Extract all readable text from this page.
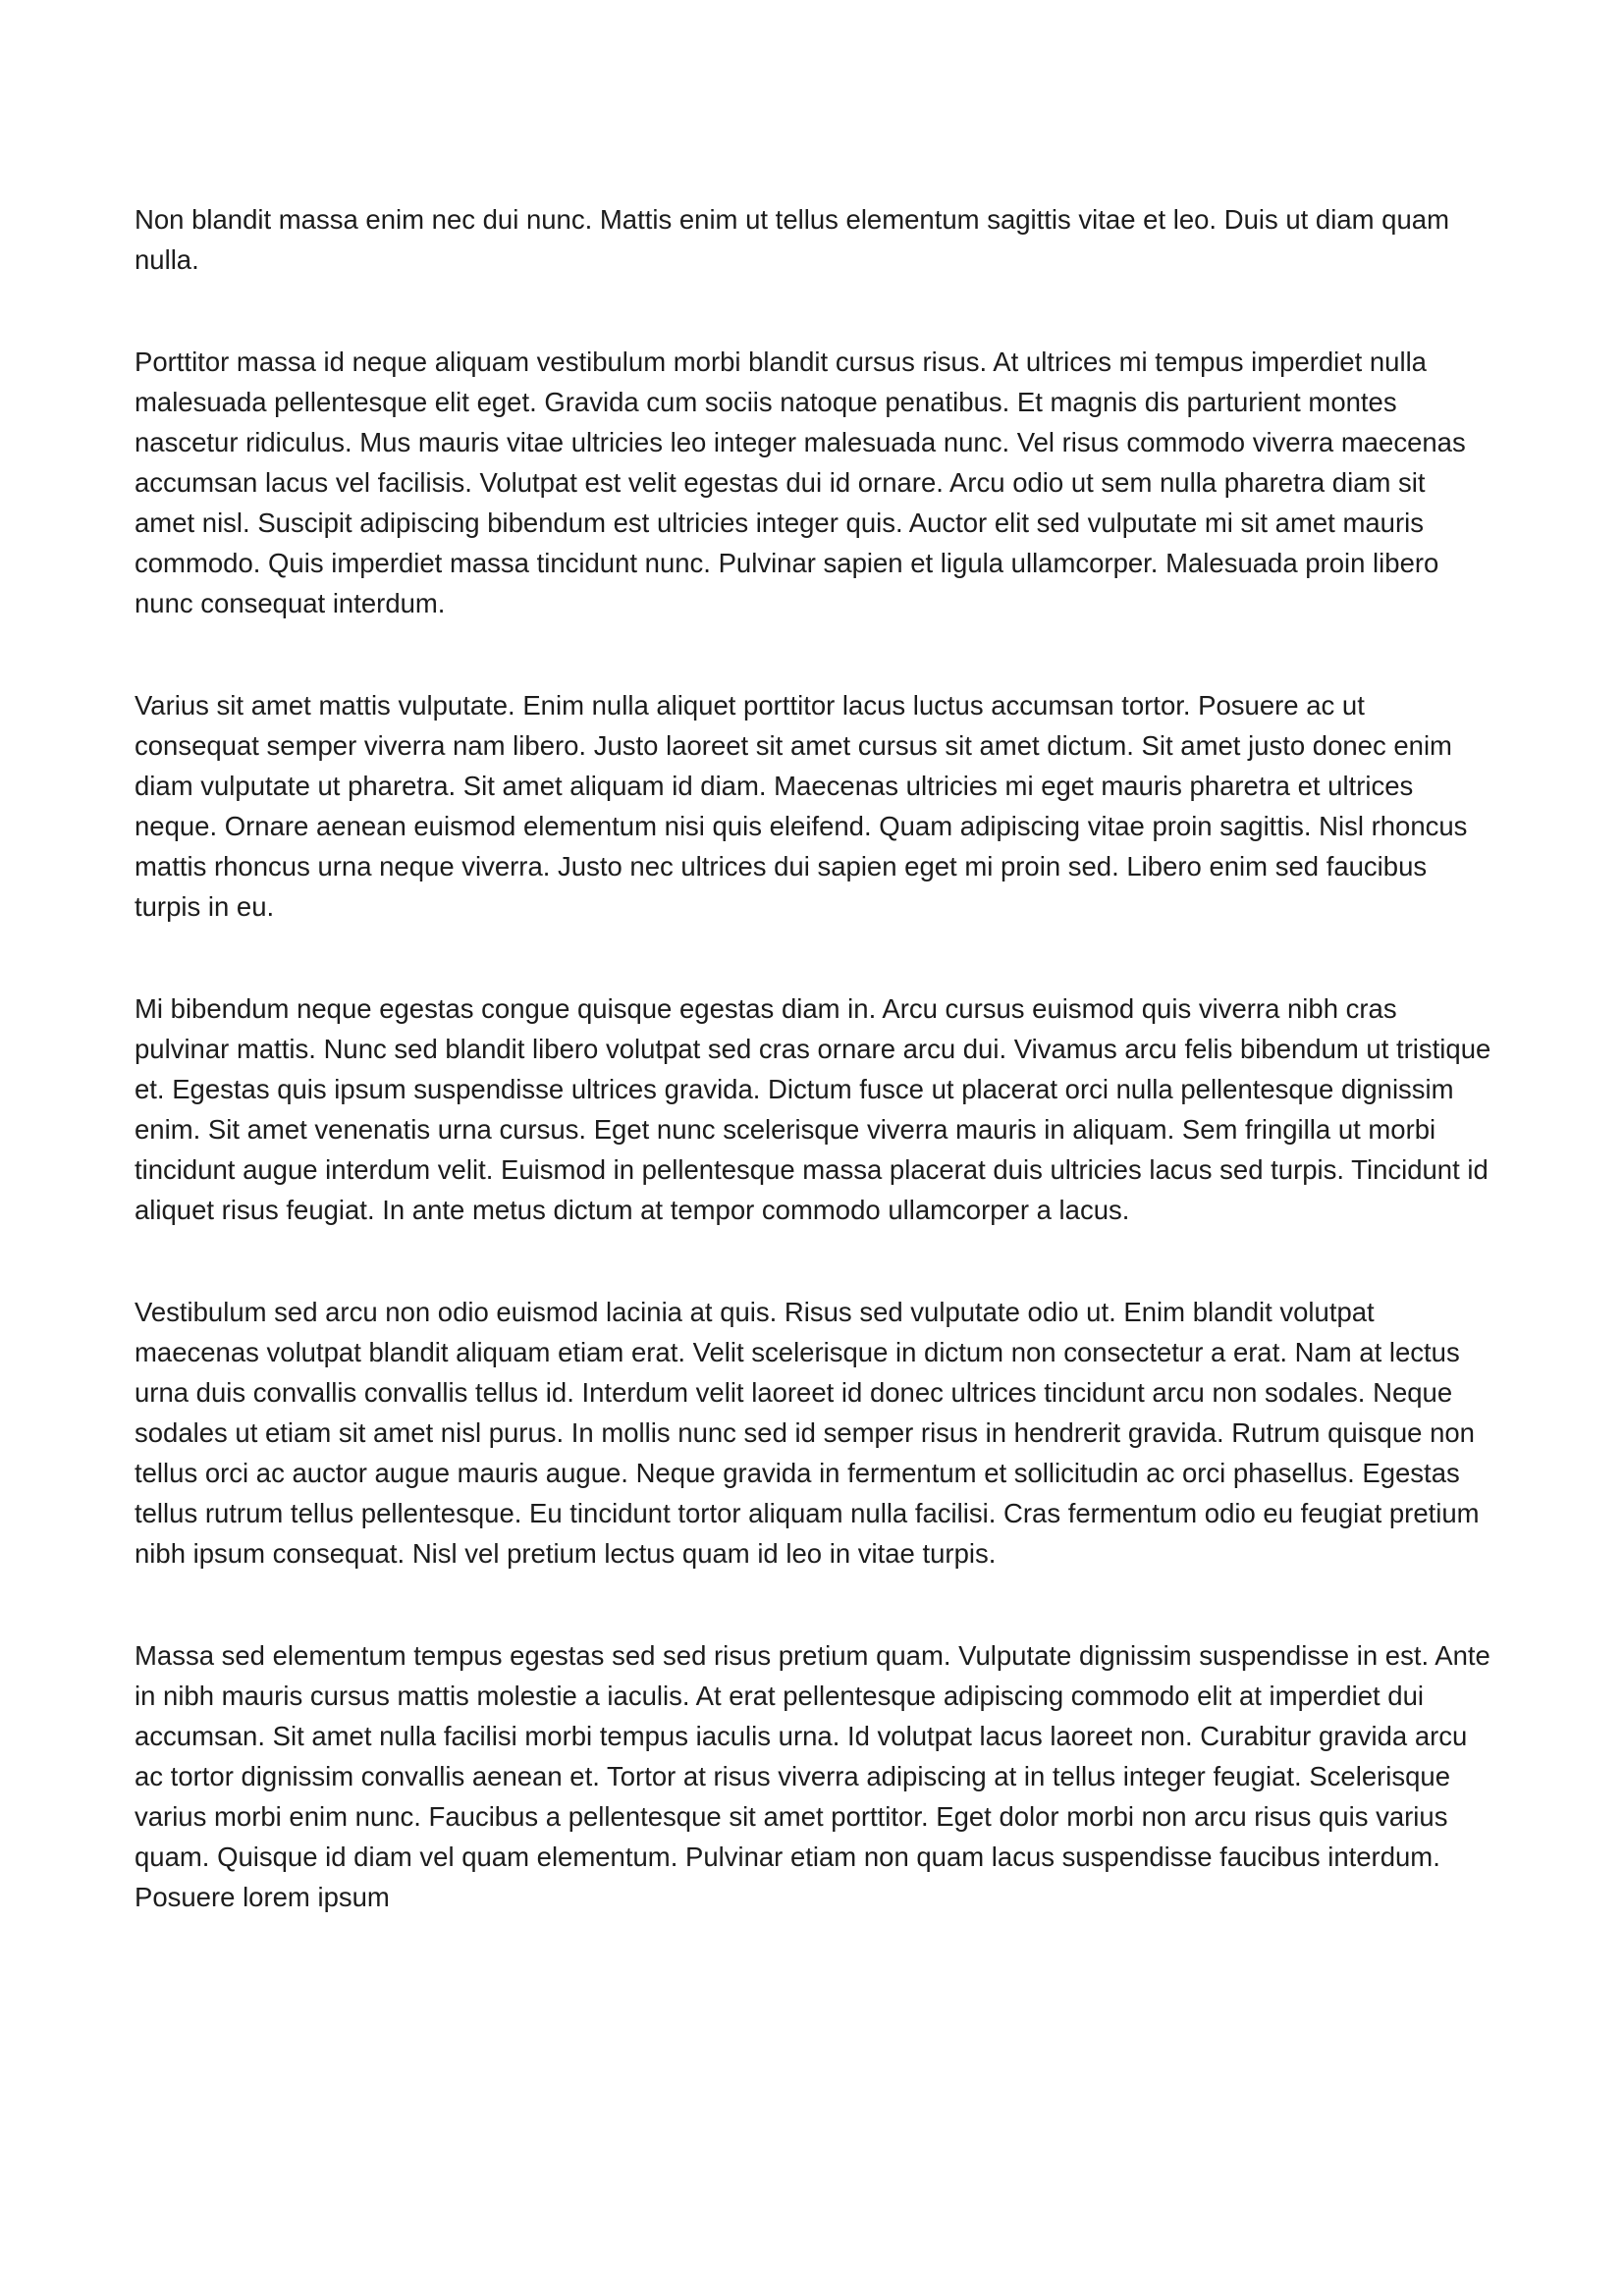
Non blandit massa enim nec dui nunc. Mattis enim ut tellus elementum sagittis vitae et leo. Duis ut diam quam nulla.

Porttitor massa id neque aliquam vestibulum morbi blandit cursus risus. At ultrices mi tempus imperdiet nulla malesuada pellentesque elit eget. Gravida cum sociis natoque penatibus. Et magnis dis parturient montes nascetur ridiculus. Mus mauris vitae ultricies leo integer malesuada nunc. Vel risus commodo viverra maecenas accumsan lacus vel facilisis. Volutpat est velit egestas dui id ornare. Arcu odio ut sem nulla pharetra diam sit amet nisl. Suscipit adipiscing bibendum est ultricies integer quis. Auctor elit sed vulputate mi sit amet mauris commodo. Quis imperdiet massa tincidunt nunc. Pulvinar sapien et ligula ullamcorper. Malesuada proin libero nunc consequat interdum.

Varius sit amet mattis vulputate. Enim nulla aliquet porttitor lacus luctus accumsan tortor. Posuere ac ut consequat semper viverra nam libero. Justo laoreet sit amet cursus sit amet dictum. Sit amet justo donec enim diam vulputate ut pharetra. Sit amet aliquam id diam. Maecenas ultricies mi eget mauris pharetra et ultrices neque. Ornare aenean euismod elementum nisi quis eleifend. Quam adipiscing vitae proin sagittis. Nisl rhoncus mattis rhoncus urna neque viverra. Justo nec ultrices dui sapien eget mi proin sed. Libero enim sed faucibus turpis in eu.

Mi bibendum neque egestas congue quisque egestas diam in. Arcu cursus euismod quis viverra nibh cras pulvinar mattis. Nunc sed blandit libero volutpat sed cras ornare arcu dui. Vivamus arcu felis bibendum ut tristique et. Egestas quis ipsum suspendisse ultrices gravida. Dictum fusce ut placerat orci nulla pellentesque dignissim enim. Sit amet venenatis urna cursus. Eget nunc scelerisque viverra mauris in aliquam. Sem fringilla ut morbi tincidunt augue interdum velit. Euismod in pellentesque massa placerat duis ultricies lacus sed turpis. Tincidunt id aliquet risus feugiat. In ante metus dictum at tempor commodo ullamcorper a lacus.

Vestibulum sed arcu non odio euismod lacinia at quis. Risus sed vulputate odio ut. Enim blandit volutpat maecenas volutpat blandit aliquam etiam erat. Velit scelerisque in dictum non consectetur a erat. Nam at lectus urna duis convallis convallis tellus id. Interdum velit laoreet id donec ultrices tincidunt arcu non sodales. Neque sodales ut etiam sit amet nisl purus. In mollis nunc sed id semper risus in hendrerit gravida. Rutrum quisque non tellus orci ac auctor augue mauris augue. Neque gravida in fermentum et sollicitudin ac orci phasellus. Egestas tellus rutrum tellus pellentesque. Eu tincidunt tortor aliquam nulla facilisi. Cras fermentum odio eu feugiat pretium nibh ipsum consequat. Nisl vel pretium lectus quam id leo in vitae turpis.

Massa sed elementum tempus egestas sed sed risus pretium quam. Vulputate dignissim suspendisse in est. Ante in nibh mauris cursus mattis molestie a iaculis. At erat pellentesque adipiscing commodo elit at imperdiet dui accumsan. Sit amet nulla facilisi morbi tempus iaculis urna. Id volutpat lacus laoreet non. Curabitur gravida arcu ac tortor dignissim convallis aenean et. Tortor at risus viverra adipiscing at in tellus integer feugiat. Scelerisque varius morbi enim nunc. Faucibus a pellentesque sit amet porttitor. Eget dolor morbi non arcu risus quis varius quam. Quisque id diam vel quam elementum. Pulvinar etiam non quam lacus suspendisse faucibus interdum. Posuere lorem ipsum
